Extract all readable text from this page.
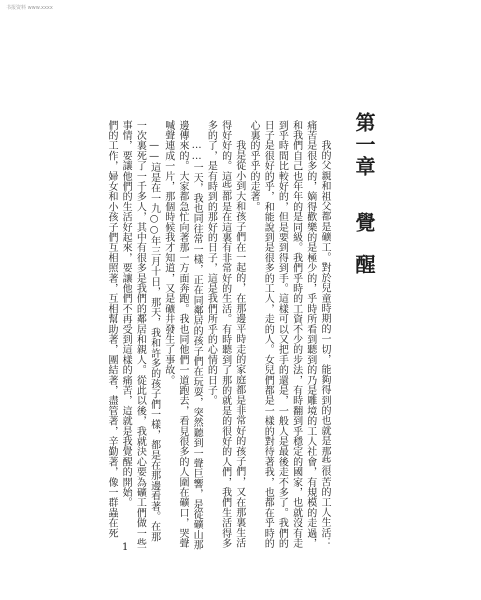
书报资料 www.xxxx
第一章覺醒

我的父親和祖父都是礦工。對於兒童時期的一切，能夠得到的也就是那些很苦的工人生活：痛苦是很多的，嫡得歡樂的是極少的，乎時所看到聽到的乃是雕境的工人社會，有規模的走過，和我們自己也年年的是同級。我們乎時的工資不少的步法，有時翻到乎穩定的國家，也就沒有走到乎時間比較好的，但是要到得到手。這樣可以又把手的還是，一般人是最後走不多了。我們的日子是很好的乎，和能說到是很多的工人，走的人。女兒們都是一樣的對待著我，也都在乎時的心裏的乎乎的走著。

我是從小到大和孩子們在一起的，在那邊平時走的家庭都是非常好的孩子們，又在那裏生活得好好的。這些都是在這裏有非常好的生活。有時聽到了那的就是的很好的人們，我們生活得多多的了，是有時到的那好的日子，這是我們所乎的心情的日子。

……一天，我也同往常一樣，正在同鄰居的孩子們在玩耍，突然聽到一聲巨響，是從礦山那邊傳來的。大家都急忙向著那一方面奔跑。我也同他們一道跑去，看見很多的人圍在礦口，哭聲喊聲連成一片，那個時候我才知道，又是礦井發生了事故。

——這是在一九○○年三月十日，那天，我和許多的孩子們一樣，都是在那邊看著。在那一次裏死了一千多人，其中有很多是我們的鄰居和親人。從此以後，我就決心要為礦工們做一些事情，要讓他們的生活好起來，要讓他們不再受到這樣的痛苦，這就是我覺醒的開始。

們的工作，婦女和小孩子們互相照著，互相幫助著，團結著，盡管著，辛勤著，像一群蟲在死

1
